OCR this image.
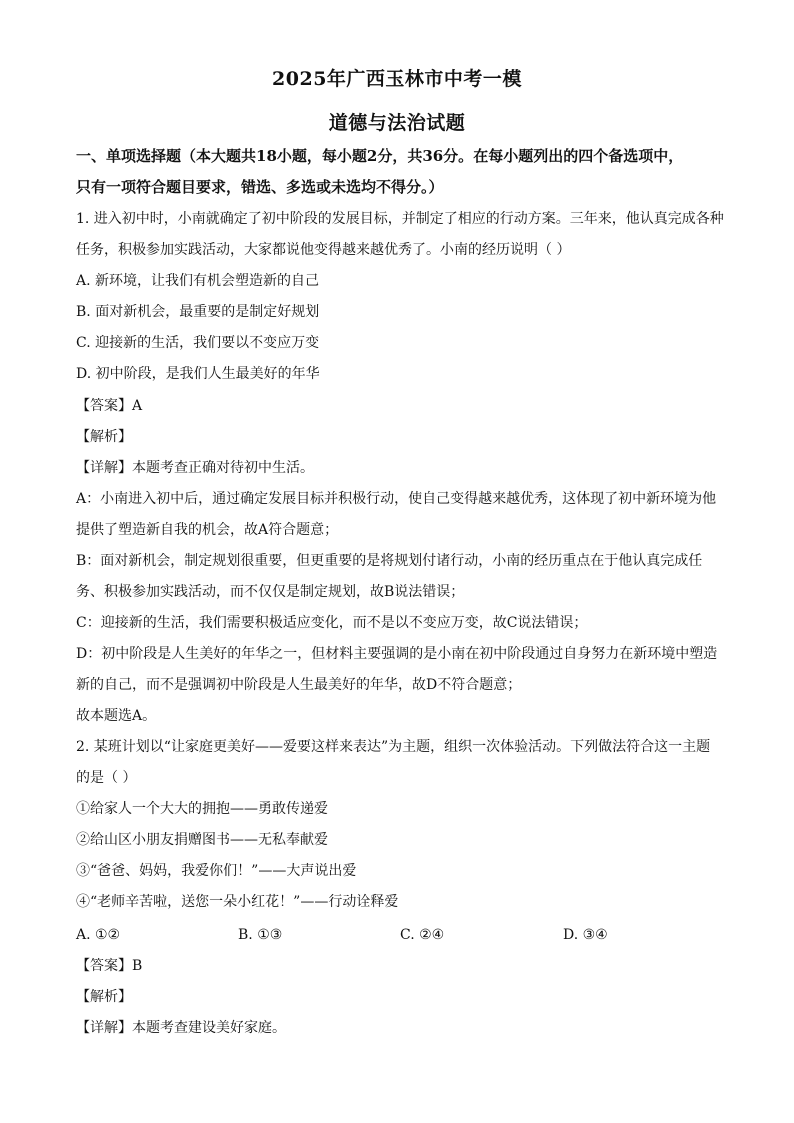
2025年广西玉林市中考一模
道德与法治试题
一、单项选择题（本大题共18小题，每小题2分，共36分。在每小题列出的四个备选项中，
只有一项符合题目要求，错选、多选或未选均不得分。）
1. 进入初中时，小南就确定了初中阶段的发展目标，并制定了相应的行动方案。三年来，他认真完成各种
任务，积极参加实践活动，大家都说他变得越来越优秀了。小南的经历说明（ ）
A. 新环境，让我们有机会塑造新的自己
B. 面对新机会，最重要的是制定好规划
C. 迎接新的生活，我们要以不变应万变
D. 初中阶段，是我们人生最美好的年华
【答案】A
【解析】
【详解】本题考查正确对待初中生活。
A：小南进入初中后，通过确定发展目标并积极行动，使自己变得越来越优秀，这体现了初中新环境为他
提供了塑造新自我的机会，故A符合题意；
B：面对新机会，制定规划很重要，但更重要的是将规划付诸行动，小南的经历重点在于他认真完成任
务、积极参加实践活动，而不仅仅是制定规划，故B说法错误；
C：迎接新的生活，我们需要积极适应变化，而不是以不变应万变，故C说法错误；
D：初中阶段是人生美好的年华之一，但材料主要强调的是小南在初中阶段通过自身努力在新环境中塑造
新的自己，而不是强调初中阶段是人生最美好的年华，故D不符合题意；
故本题选A。
2. 某班计划以“让家庭更美好——爱要这样来表达”为主题，组织一次体验活动。下列做法符合这一主题
的是（ ）
①给家人一个大大的拥抱——勇敢传递爱
②给山区小朋友捐赠图书——无私奉献爱
③“爸爸、妈妈，我爱你们！”——大声说出爱
④“老师辛苦啦，送您一朵小红花！”——行动诠释爱
A. ①②	B. ①③	C. ②④	D. ③④
【答案】B
【解析】
【详解】本题考查建设美好家庭。
